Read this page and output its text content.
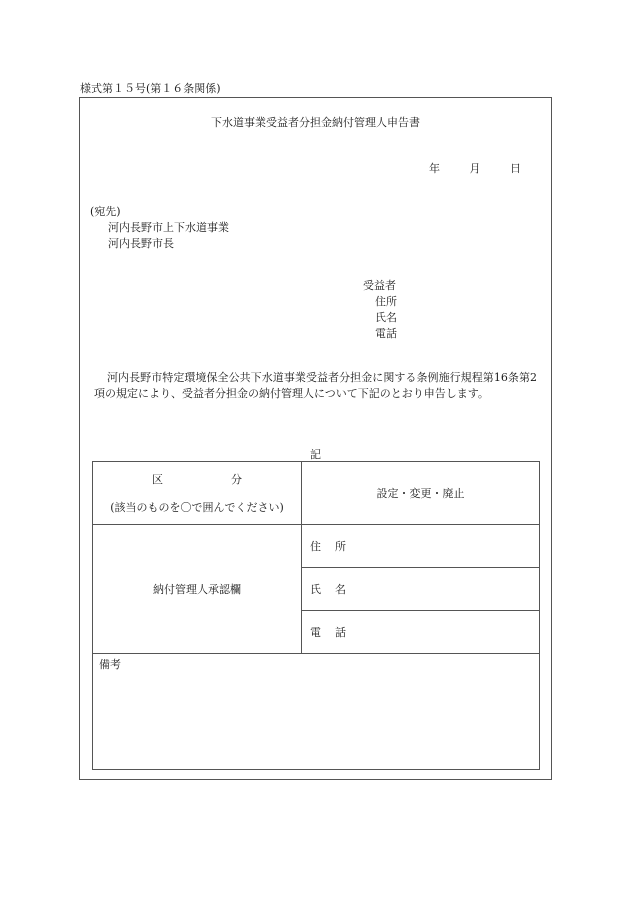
様式第１５号(第１６条関係)
下水道事業受益者分担金納付管理人申告書
年	月	日
(宛先)
河内長野市上下水道事業
河内長野市長
受益者
住所
氏名
電話
河内長野市特定環境保全公共下水道事業受益者分担金に関する条例施行規程第16条第2項の規定により、受益者分担金の納付管理人について下記のとおり申告します。
記
区 分
(該当のものを〇で囲んでください)	設定・変更・廃止
納付管理人承認欄	住 所
	氏 名
	電 話
備考	
